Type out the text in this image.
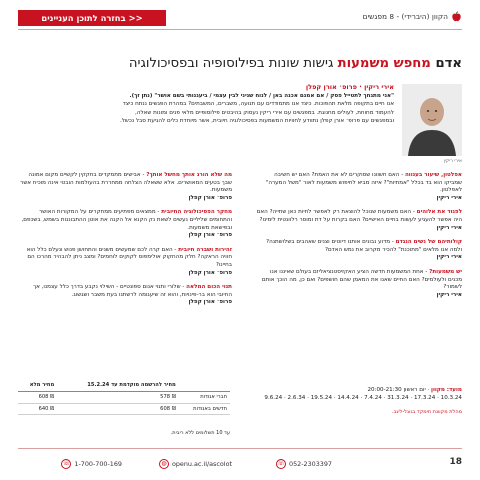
<< בחזרה לתוכן העניינים	הקוון (היברידי) - 8 מפגשים
אדם מחפש משמעות גישות שונות בפילוסופיה ובפסיכולוגיה
אירי ריקין

אירי ריקין · פרופ׳ אורן קפלן

"אני מתגחך לתטייל פסק / אם אמנם אכנה באן / לנוח שניני לבין עצמי / ביעגנותי בשם אושר" (נתן זך).

אנו חיים בתקופה מלאת תהפוכות. כיצד אנו מתמודדים עם תנועה, משברים, המשבתים? במהרת הפגשים ננתח כיצד

להעמוד מחוחת, לעולים מחנוגת. במפגשים עם אירי ריקין נעסוק בהיבטים פילוסופיים מלאי פנים ומונות שאלה,

ובמפגשים עם פרופ׳ אורן קפלן נתוודע לחוויות המשמעות בפסיכולוגיה חיובית, אשר מיוחדת כלים להגיעת סבל נכשל.

אפלטון, שיעור בענווה - האם חשוונו שסוקרים לא את האמת? האם יש חשיבה שמביקו הוא בד בכלל "אמתיות"? איזה מביא לחיפוש משמעות לאור "משל המערה" לאפלטון.

אירי ריקין

לפגוד את אלוהים - האם משמעות שנוכל להוצאת רק לאפשר לחיות כאן שתייה? האם היה אפשר להעגיע לעשות בחיים האישיים? האם בקרות על דת ומוסר רלוונטית לימינו?

אירי ריקין

קולותיהם של נשים הנגדם - מדוע נבונים אותנו דיוטים וצנים שאהבים בשלושתנה? ולמה אנו מלאים "מתוכנת" להכיר מקרוב את נמש האדם?

אירי ריקין

יש משמעות? - אחת המשמעות חדשה הציע האקזיסטנציאליזם בעולם שאיננו אנו מכנים ולעולמים? האם החיים שאנו את המאמן שהם חושפים? ואם כן, מה הוכך אותם לשמור?

אירי ריקין

מה שלא הורג אותך מחשל אותך? - אבישים מתמקדים בחקקין לקשיים מקום אמונה שבך בטעים המאושרים. אלא ששאלה הצלחה ממחררת בהעולמות הובטי אינה מוכיח אשר משמעות.

פרופ׳ אורן קפלן

מחקר הפסיכולוגיה החיובית - ממצאים מפתיעים ממחקרים על המקורות האושר והתחומים שליליים נעשים לשאת נק הקנא אל הקנה את אוטן ההתבוננות בשמש, בשכפם, ובפישאת משמעות.

פרופ׳ אורן קפלן

זהירות ושברה חיובית - האם קרה לכם שמעשים משנים והתחושן פנוש ונעלם כלל הוא חוויה הראקה? חלק מהחקוק אולימפוס לקוקים לוחמים? ומצב ניתן להבהיר מהרכו הם בחיינו?

פרופ׳ אורן קפלן

תנוי הכום המלאה - שלורי ותנוי אנום ספונטיים - השילוי נקבע בדרך כלל עצמנו, אך החיובי הוא בר-פינויות, והוא זה שיעגומה לרשתנו בעת משבר ושגשוג.

פרופ׳ אורן קפלן

מועד: מקוון · יום ראשון 20:00-21:30

10.3.24 · 17.3.24 · 31.3.24 · 7.4.24 · 14.4.24 · 19.5.24 · 2.6.34 · 9.6.24

מהלת מקוונת תימקד בגוגל-ליגב.

	מחיר להרשמה מוקדמת עד 15.2.24	מחיר מלא
חברי אגודות	₪ 578	₪ 608
חדשים באגודות	₪ 608	₪ 640
עד 10 תשלומים ללא ריבית.
18
☏ 052-2303397
◍ openu.ac.il/ascolot
☏ 1-700-700-169
